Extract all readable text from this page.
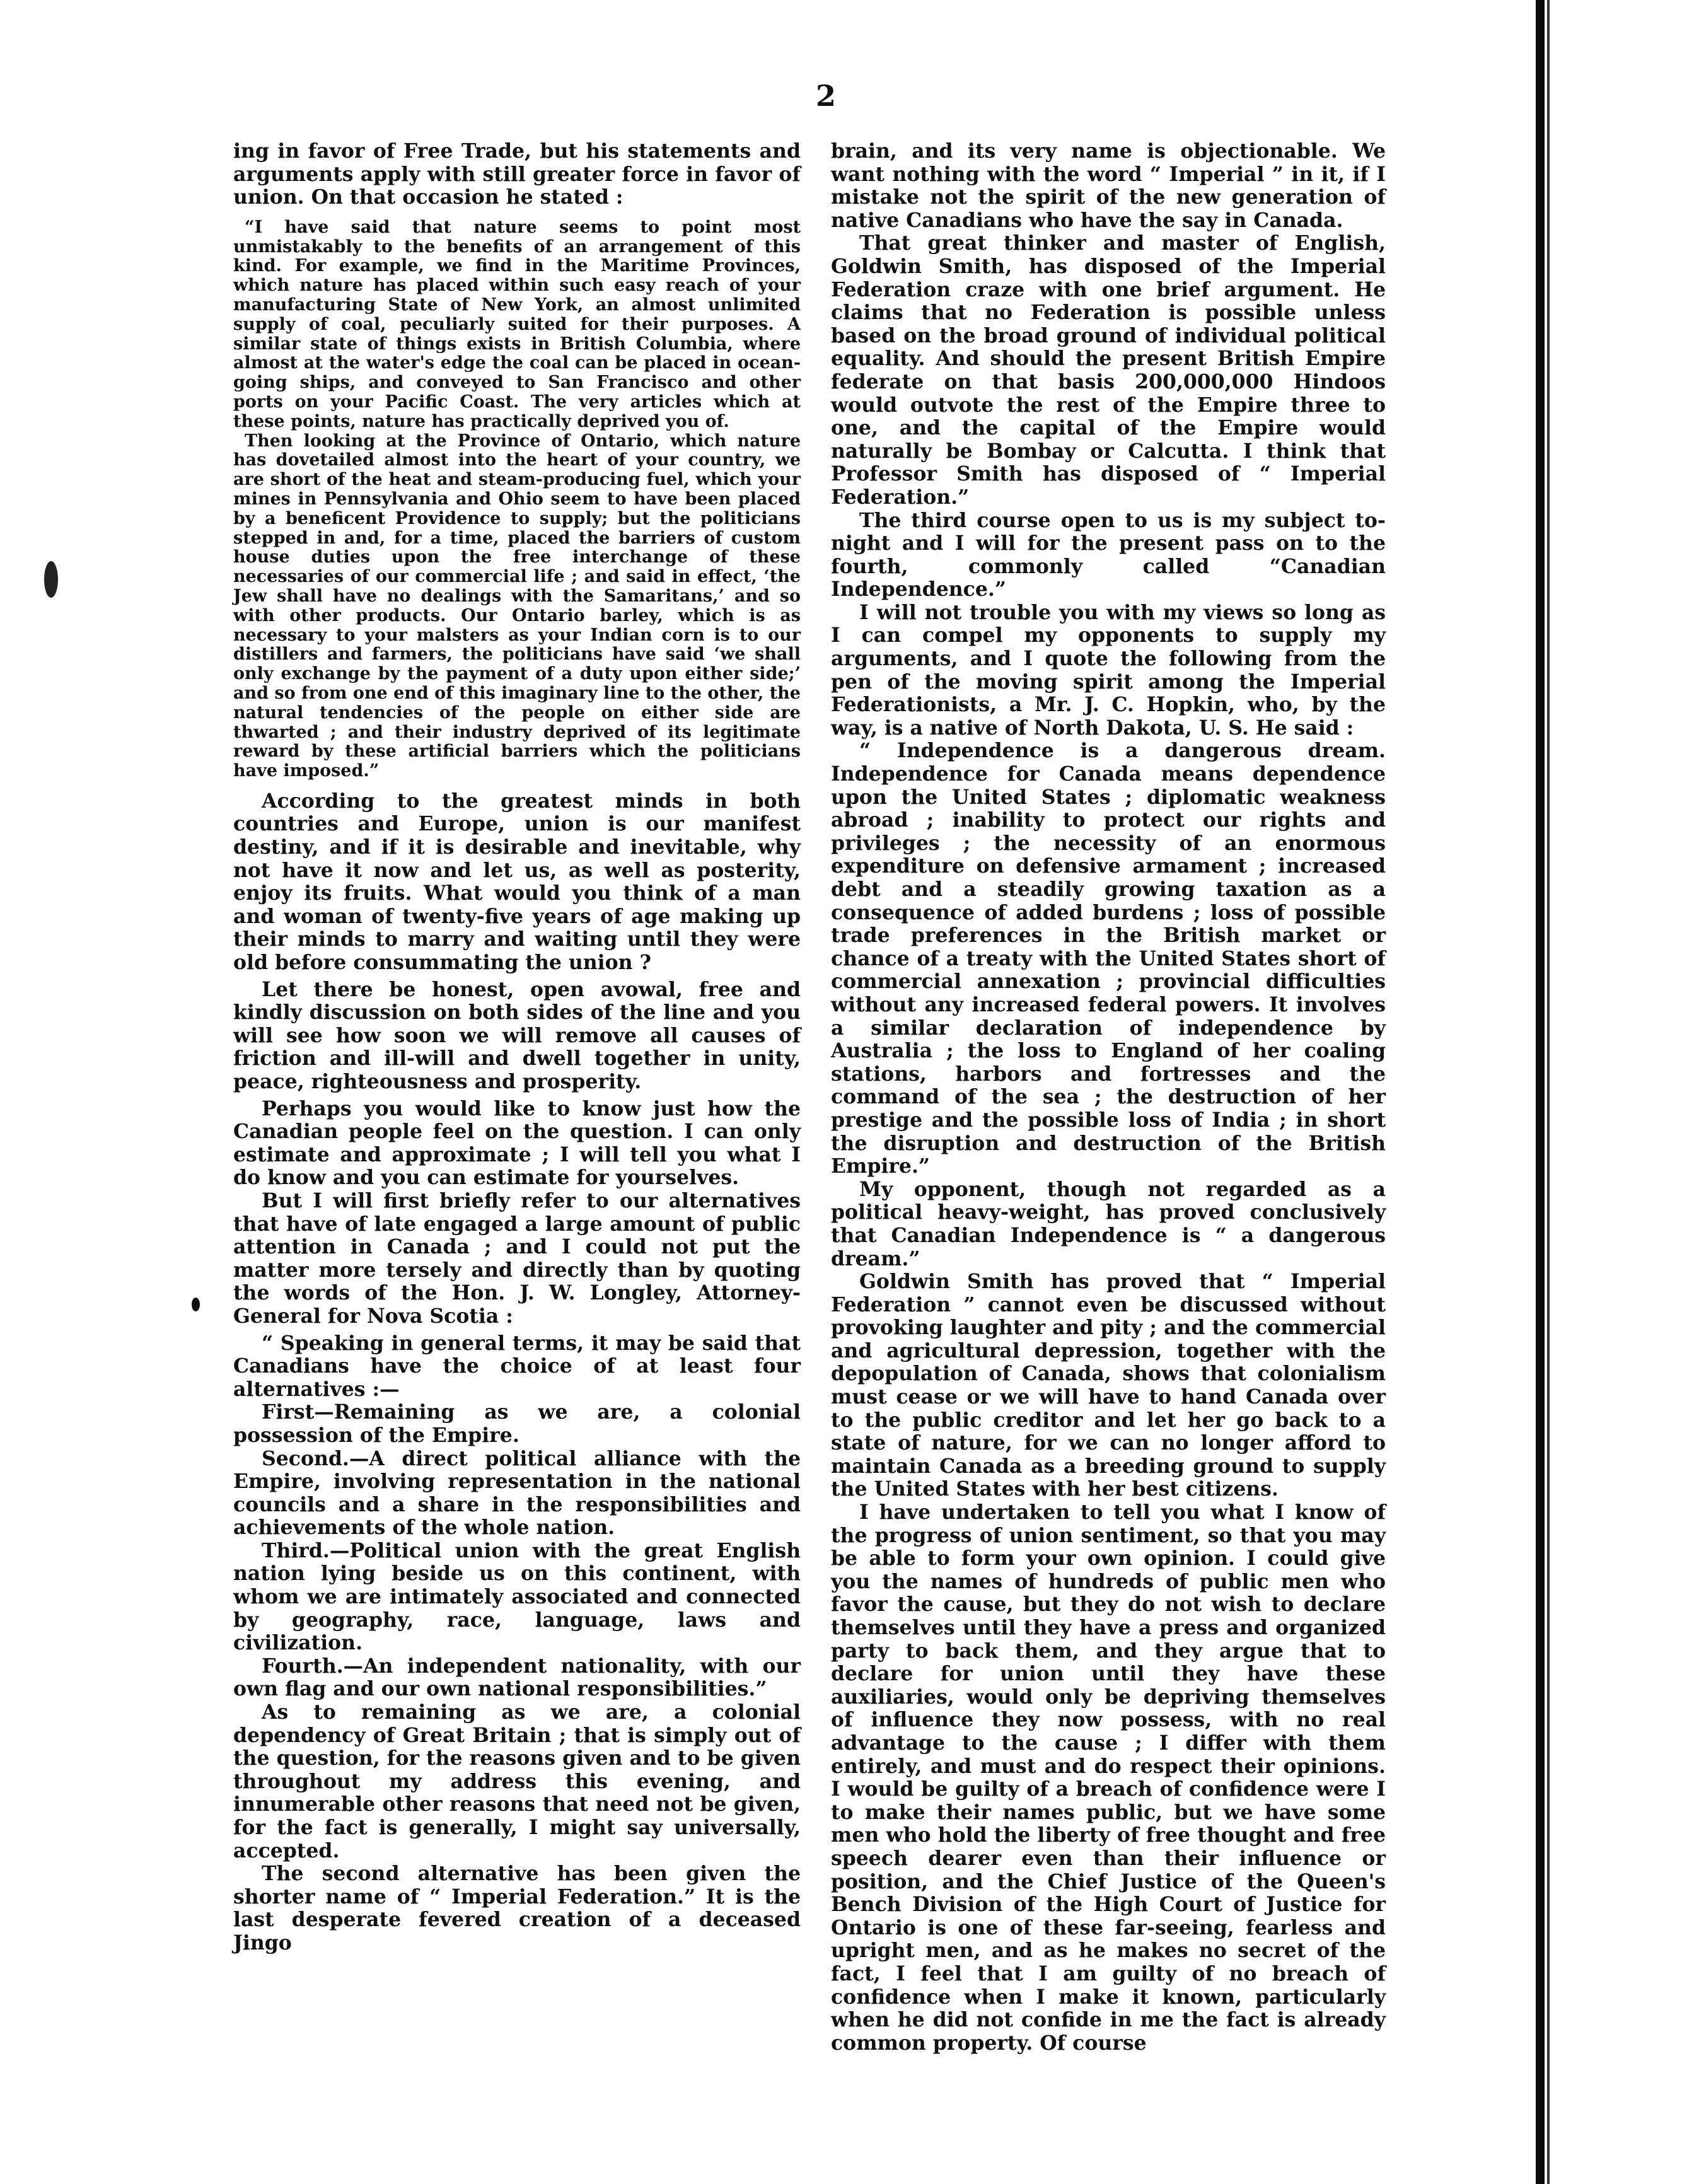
2

ing in favor of Free Trade, but his statements and arguments apply with still greater force in favor of union. On that occasion he stated :

“I have said that nature seems to point most unmistakably to the benefits of an arrangement of this kind. For example, we find in the Maritime Provinces, which nature has placed within such easy reach of your manufacturing State of New York, an almost unlimited supply of coal, peculiarly suited for their purposes. A similar state of things exists in British Columbia, where almost at the water's edge the coal can be placed in ocean-going ships, and conveyed to San Francisco and other ports on your Pacific Coast. The very articles which at these points, nature has practically deprived you of.

Then looking at the Province of Ontario, which nature has dovetailed almost into the heart of your country, we are short of the heat and steam-producing fuel, which your mines in Pennsylvania and Ohio seem to have been placed by a beneficent Providence to supply; but the politicians stepped in and, for a time, placed the barriers of custom house duties upon the free interchange of these necessaries of our commercial life ; and said in effect, ‘the Jew shall have no dealings with the Samaritans,’ and so with other products. Our Ontario barley, which is as necessary to your malsters as your Indian corn is to our distillers and farmers, the politicians have said ‘we shall only exchange by the payment of a duty upon either side;’ and so from one end of this imaginary line to the other, the natural tendencies of the people on either side are thwarted ; and their industry deprived of its legitimate reward by these artificial barriers which the politicians have imposed.”

According to the greatest minds in both countries and Europe, union is our manifest destiny, and if it is desirable and inevitable, why not have it now and let us, as well as posterity, enjoy its fruits. What would you think of a man and woman of twenty-five years of age making up their minds to marry and waiting until they were old before consummating the union ?

Let there be honest, open avowal, free and kindly discussion on both sides of the line and you will see how soon we will remove all causes of friction and ill-will and dwell together in unity, peace, righteousness and prosperity.

Perhaps you would like to know just how the Canadian people feel on the question. I can only estimate and approximate ; I will tell you what I do know and you can estimate for yourselves.

But I will first briefly refer to our alternatives that have of late engaged a large amount of public attention in Canada ; and I could not put the matter more tersely and directly than by quoting the words of the Hon. J. W. Longley, Attorney-General for Nova Scotia :

“ Speaking in general terms, it may be said that Canadians have the choice of at least four alternatives :—

First—Remaining as we are, a colonial possession of the Empire.

Second.—A direct political alliance with the Empire, involving representation in the national councils and a share in the responsibilities and achievements of the whole nation.

Third.—Political union with the great English nation lying beside us on this continent, with whom we are intimately associated and connected by geography, race, language, laws and civilization.

Fourth.—An independent nationality, with our own flag and our own national responsibilities.”

As to remaining as we are, a colonial dependency of Great Britain ; that is simply out of the question, for the reasons given and to be given throughout my address this evening, and innumerable other reasons that need not be given, for the fact is generally, I might say universally, accepted.

The second alternative has been given the shorter name of “ Imperial Federation.” It is the last desperate fevered creation of a deceased Jingo

brain, and its very name is objectionable. We want nothing with the word “ Imperial ” in it, if I mistake not the spirit of the new generation of native Canadians who have the say in Canada.

That great thinker and master of English, Goldwin Smith, has disposed of the Imperial Federation craze with one brief argument. He claims that no Federation is possible unless based on the broad ground of individual political equality. And should the present British Empire federate on that basis 200,000,000 Hindoos would outvote the rest of the Empire three to one, and the capital of the Empire would naturally be Bombay or Calcutta. I think that Professor Smith has disposed of “ Imperial Federation.”

The third course open to us is my subject to-night and I will for the present pass on to the fourth, commonly called “Canadian Independence.”

I will not trouble you with my views so long as I can compel my opponents to supply my arguments, and I quote the following from the pen of the moving spirit among the Imperial Federationists, a Mr. J. C. Hopkin, who, by the way, is a native of North Dakota, U. S. He said :

“ Independence is a dangerous dream. Independence for Canada means dependence upon the United States ; diplomatic weakness abroad ; inability to protect our rights and privileges ; the necessity of an enormous expenditure on defensive armament ; increased debt and a steadily growing taxation as a consequence of added burdens ; loss of possible trade preferences in the British market or chance of a treaty with the United States short of commercial annexation ; provincial difficulties without any increased federal powers. It involves a similar declaration of independence by Australia ; the loss to England of her coaling stations, harbors and fortresses and the command of the sea ; the destruction of her prestige and the possible loss of India ; in short the disruption and destruction of the British Empire.”

My opponent, though not regarded as a political heavy-weight, has proved conclusively that Canadian Independence is “ a dangerous dream.”

Goldwin Smith has proved that “ Imperial Federation ” cannot even be discussed without provoking laughter and pity ; and the commercial and agricultural depression, together with the depopulation of Canada, shows that colonialism must cease or we will have to hand Canada over to the public creditor and let her go back to a state of nature, for we can no longer afford to maintain Canada as a breeding ground to supply the United States with her best citizens.

I have undertaken to tell you what I know of the progress of union sentiment, so that you may be able to form your own opinion. I could give you the names of hundreds of public men who favor the cause, but they do not wish to declare themselves until they have a press and organized party to back them, and they argue that to declare for union until they have these auxiliaries, would only be depriving themselves of influence they now possess, with no real advantage to the cause ; I differ with them entirely, and must and do respect their opinions. I would be guilty of a breach of confidence were I to make their names public, but we have some men who hold the liberty of free thought and free speech dearer even than their influence or position, and the Chief Justice of the Queen's Bench Division of the High Court of Justice for Ontario is one of these far-seeing, fearless and upright men, and as he makes no secret of the fact, I feel that I am guilty of no breach of confidence when I make it known, particularly when he did not confide in me the fact is already common property. Of course
